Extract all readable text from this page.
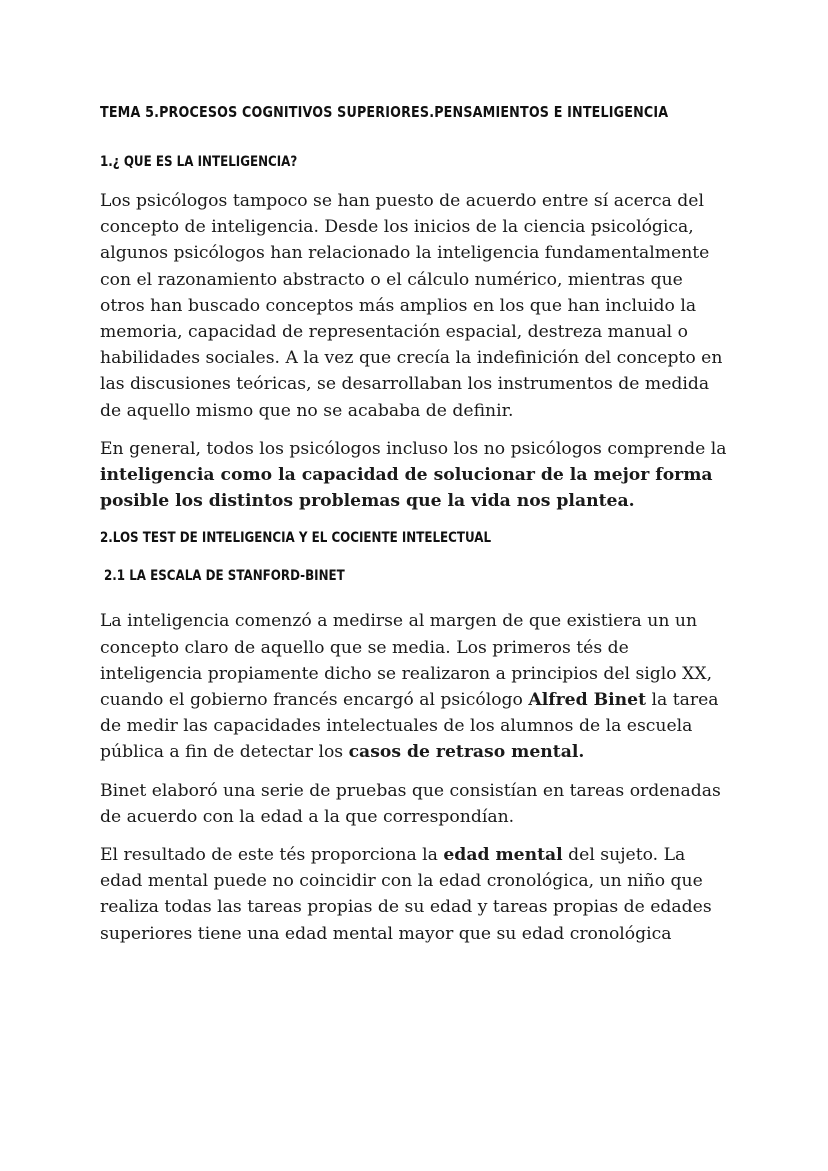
TEMA 5.PROCESOS COGNITIVOS SUPERIORES.PENSAMIENTOS E INTELIGENCIA
1.¿ QUE ES LA INTELIGENCIA?

Los psicólogos tampoco se han puesto de acuerdo entre sí acerca del concepto de inteligencia. Desde los inicios de la ciencia psicológica, algunos psicólogos han relacionado la inteligencia fundamentalmente con el razonamiento abstracto o el cálculo numérico, mientras que otros han buscado conceptos más amplios en los que han incluido la memoria, capacidad de representación espacial, destreza manual o habilidades sociales. A la vez que crecía la indefinición del concepto en las discusiones teóricas, se desarrollaban los instrumentos de medida de aquello mismo que no se acababa de definir.

En general, todos los psicólogos incluso los no psicólogos comprende la inteligencia como la capacidad de solucionar de la mejor forma posible los distintos problemas que la vida nos plantea.

2.LOS TEST DE INTELIGENCIA Y EL COCIENTE INTELECTUAL
2.1 LA ESCALA DE STANFORD-BINET

La inteligencia comenzó a medirse al margen de que existiera un un concepto claro de aquello que se media. Los primeros tés de inteligencia propiamente dicho se realizaron a principios del siglo XX, cuando el gobierno francés encargó al psicólogo Alfred Binet la tarea de medir las capacidades intelectuales de los alumnos de la escuela pública a fin de detectar los casos de retraso mental.

Binet elaboró una serie de pruebas que consistían en tareas ordenadas de acuerdo con la edad a la que correspondían.

El resultado de este tés proporciona la edad mental del sujeto. La edad mental puede no coincidir con la edad cronológica, un niño que realiza todas las tareas propias de su edad y tareas propias de edades superiores tiene una edad mental mayor que su edad cronológica
